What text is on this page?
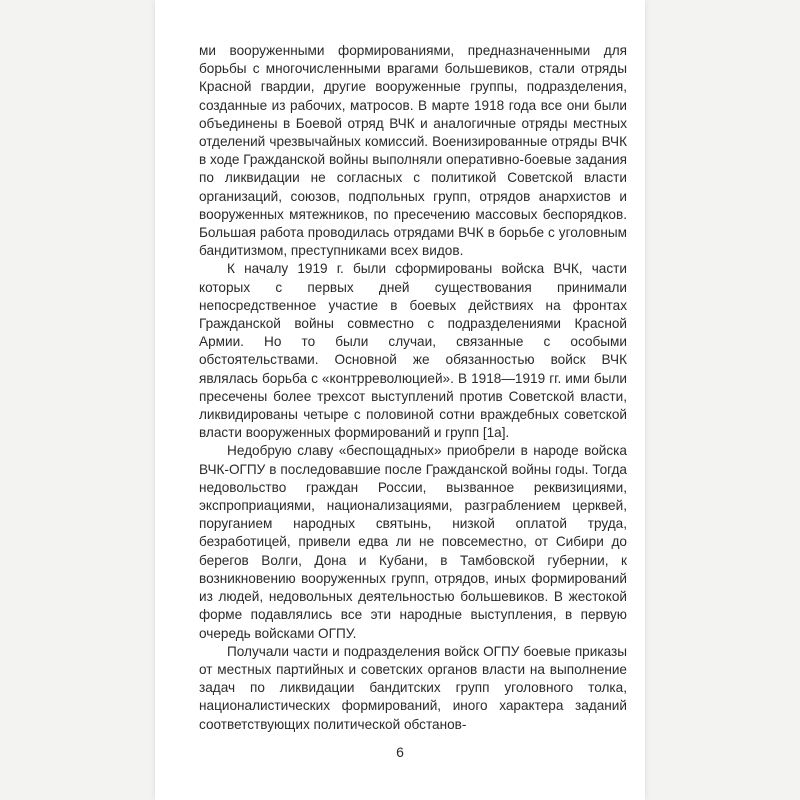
ми вооруженными формированиями, предназначенными для борьбы с многочисленными врагами большевиков, стали отряды Красной гвардии, другие вооруженные группы, подразделения, созданные из рабочих, матросов. В марте 1918 года все они были объединены в Боевой отряд ВЧК и аналогичные отряды местных отделений чрезвычайных комиссий. Военизированные отряды ВЧК в ходе Гражданской войны выполняли оперативно-боевые задания по ликвидации не согласных с политикой Советской власти организаций, союзов, подпольных групп, отрядов анархистов и вооруженных мятежников, по пресечению массовых беспорядков. Большая работа проводилась отрядами ВЧК в борьбе с уголовным бандитизмом, преступниками всех видов.

К началу 1919 г. были сформированы войска ВЧК, части которых с первых дней существования принимали непосредственное участие в боевых действиях на фронтах Гражданской войны совместно с подразделениями Красной Армии. Но то были случаи, связанные с особыми обстоятельствами. Основной же обязанностью войск ВЧК являлась борьба с «контрреволюцией». В 1918—1919 гг. ими были пресечены более трехсот выступлений против Советской власти, ликвидированы четыре с половиной сотни враждебных советской власти вооруженных формирований и групп [1а].

Недобрую славу «беспощадных» приобрели в народе войска ВЧК-ОГПУ в последовавшие после Гражданской войны годы. Тогда недовольство граждан России, вызванное реквизициями, экспроприациями, национализациями, разграблением церквей, поруганием народных святынь, низкой оплатой труда, безработицей, привели едва ли не повсеместно, от Сибири до берегов Волги, Дона и Кубани, в Тамбовской губернии, к возникновению вооруженных групп, отрядов, иных формирований из людей, недовольных деятельностью большевиков. В жестокой форме подавлялись все эти народные выступления, в первую очередь войсками ОГПУ.

Получали части и подразделения войск ОГПУ боевые приказы от местных партийных и советских органов власти на выполнение задач по ликвидации бандитских групп уголовного толка, националистических формирований, иного характера заданий соответствующих политической обстанов-

6
